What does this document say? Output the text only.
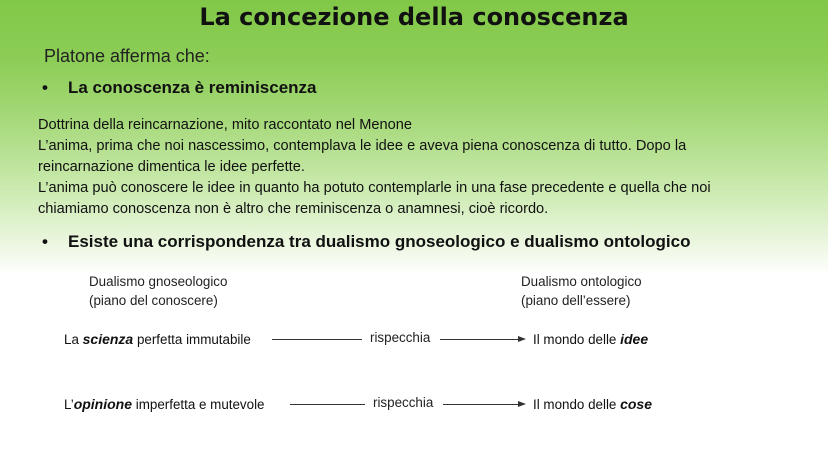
La concezione della conoscenza
Platone afferma che:
•	La conoscenza è reminiscenza
Dottrina della reincarnazione, mito raccontato nel Menone
L’anima, prima che noi nascessimo, contemplava le idee e aveva piena conoscenza di tutto. Dopo la
reincarnazione dimentica le idee perfette.
L’anima può conoscere le idee in quanto ha potuto contemplarle in una fase precedente e quella che noi
chiamiamo conoscenza non è altro che reminiscenza o anamnesi, cioè ricordo.
•	Esiste una corrispondenza tra dualismo gnoseologico e dualismo ontologico
Dualismo gnoseologico
(piano del conoscere)
Dualismo ontologico
(piano dell’essere)
La scienza perfetta immutabile	rispecchia	Il mondo delle idee
L’opinione imperfetta e mutevole	rispecchia	Il mondo delle cose
